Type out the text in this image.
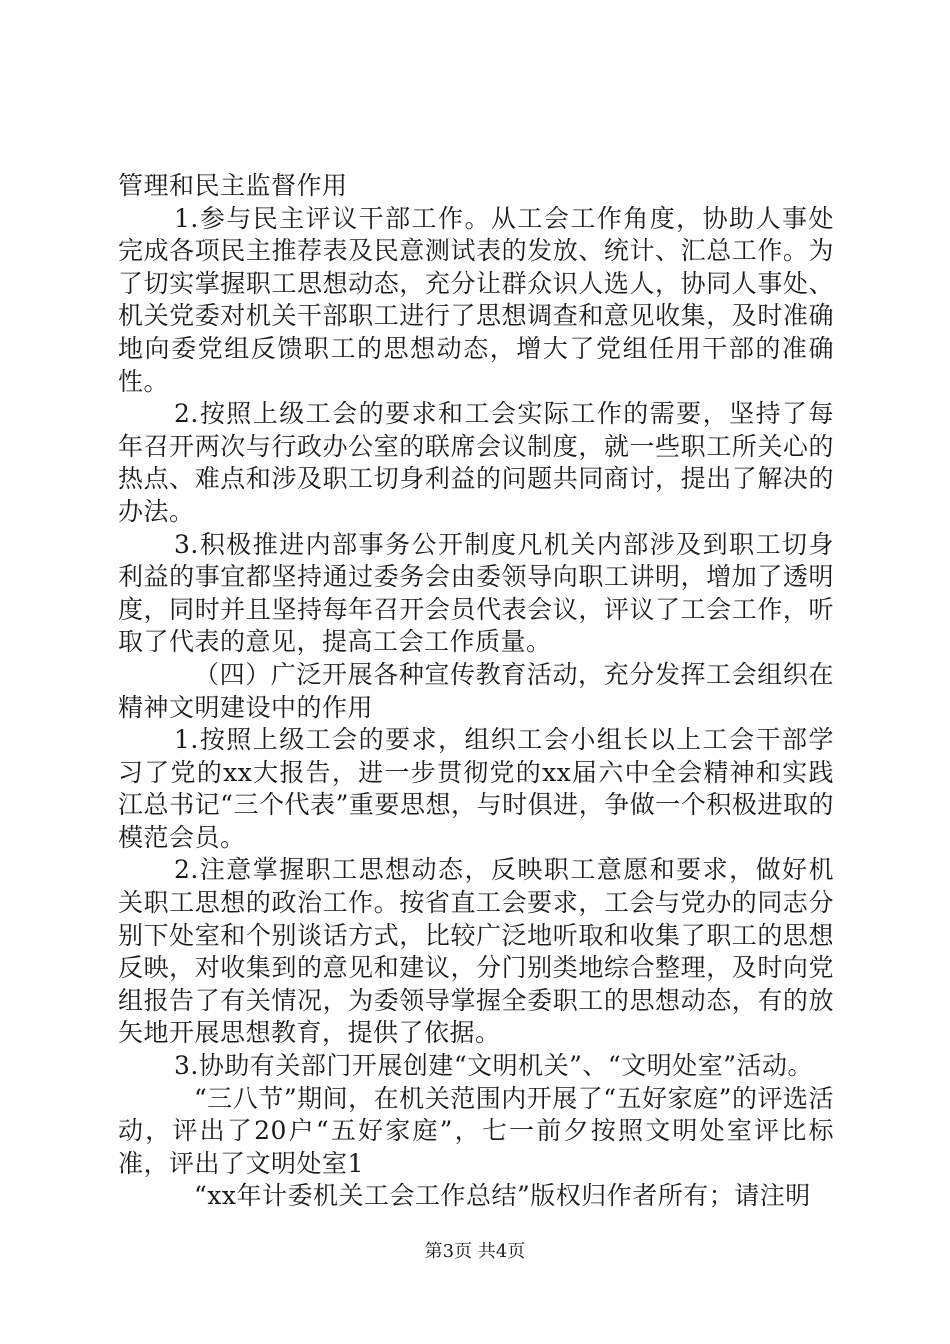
管理和民主监督作用

1.参与民主评议干部工作。从工会工作角度，协助人事处完成各项民主推荐表及民意测试表的发放、统计、汇总工作。为了切实掌握职工思想动态，充分让群众识人选人，协同人事处、机关党委对机关干部职工进行了思想调查和意见收集，及时准确地向委党组反馈职工的思想动态，增大了党组任用干部的准确性。

2.按照上级工会的要求和工会实际工作的需要，坚持了每年召开两次与行政办公室的联席会议制度，就一些职工所关心的热点、难点和涉及职工切身利益的问题共同商讨，提出了解决的办法。

3.积极推进内部事务公开制度凡机关内部涉及到职工切身利益的事宜都坚持通过委务会由委领导向职工讲明，增加了透明度，同时并且坚持每年召开会员代表会议，评议了工会工作，听取了代表的意见，提高工会工作质量。

（四）广泛开展各种宣传教育活动，充分发挥工会组织在精神文明建设中的作用

1.按照上级工会的要求，组织工会小组长以上工会干部学习了党的xx大报告，进一步贯彻党的xx届六中全会精神和实践江总书记“三个代表”重要思想，与时俱进，争做一个积极进取的模范会员。

2.注意掌握职工思想动态，反映职工意愿和要求，做好机关职工思想的政治工作。按省直工会要求，工会与党办的同志分别下处室和个别谈话方式，比较广泛地听取和收集了职工的思想反映，对收集到的意见和建议，分门别类地综合整理，及时向党组报告了有关情况，为委领导掌握全委职工的思想动态，有的放矢地开展思想教育，提供了依据。

3.协助有关部门开展创建“文明机关”、“文明处室”活动。

“三八节”期间，在机关范围内开展了“五好家庭”的评选活动，评出了20户“五好家庭”，七一前夕按照文明处室评比标准，评出了文明处室1

“xx年计委机关工会工作总结”版权归作者所有；请注明

第3页 共4页
